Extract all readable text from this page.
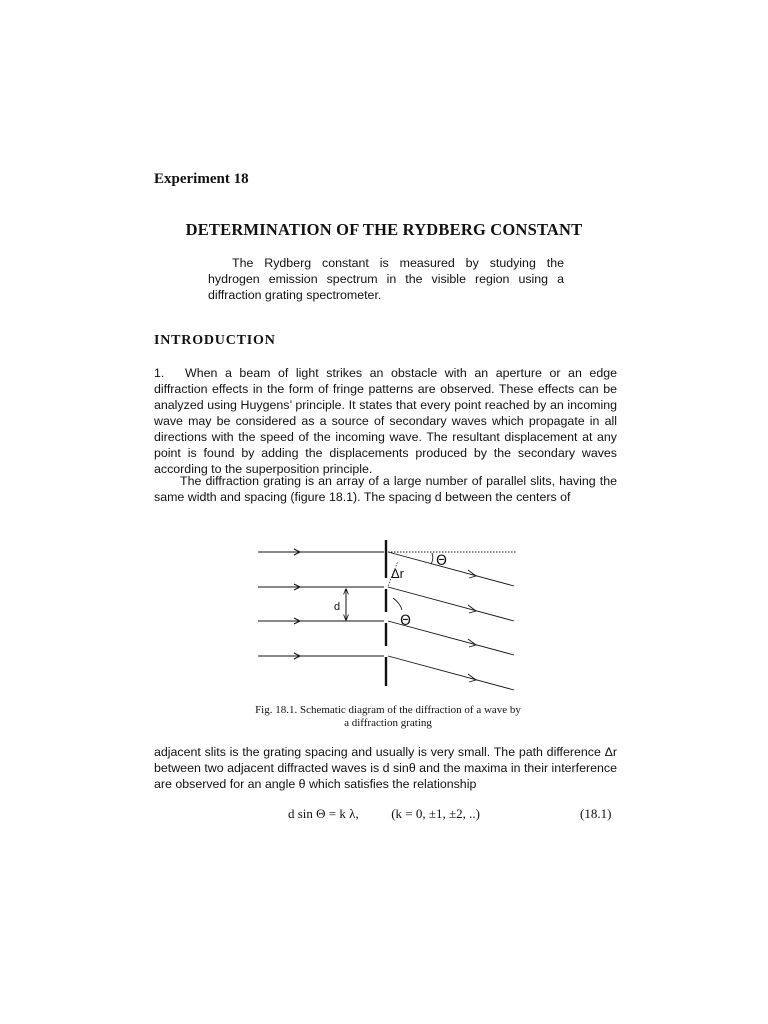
Experiment 18
DETERMINATION OF THE RYDBERG CONSTANT

The Rydberg constant is measured by studying the hydrogen emission spectrum in the visible region using a diffraction grating spectrometer.

INTRODUCTION

1. When a beam of light strikes an obstacle with an aperture or an edge diffraction effects in the form of fringe patterns are observed. These effects can be analyzed using Huygens’ principle. It states that every point reached by an incoming wave may be considered as a source of secondary waves which propagate in all directions with the speed of the incoming wave. The resultant displacement at any point is found by adding the displacements produced by the secondary waves according to the superposition principle.

The diffraction grating is an array of a large number of parallel slits, having the same width and spacing (figure 18.1). The spacing d between the centers of

Θ
Δr
d
Θ
Fig. 18.1. Schematic diagram of the diffraction of a wave by
a diffraction grating

adjacent slits is the grating spacing and usually is very small. The path difference Δr between two adjacent diffracted waves is d sinθ and the maxima in their interference are observed for an angle θ which satisfies the relationship

d sin Θ = k λ,	(k = 0, ±1, ±2, ..)	(18.1)
